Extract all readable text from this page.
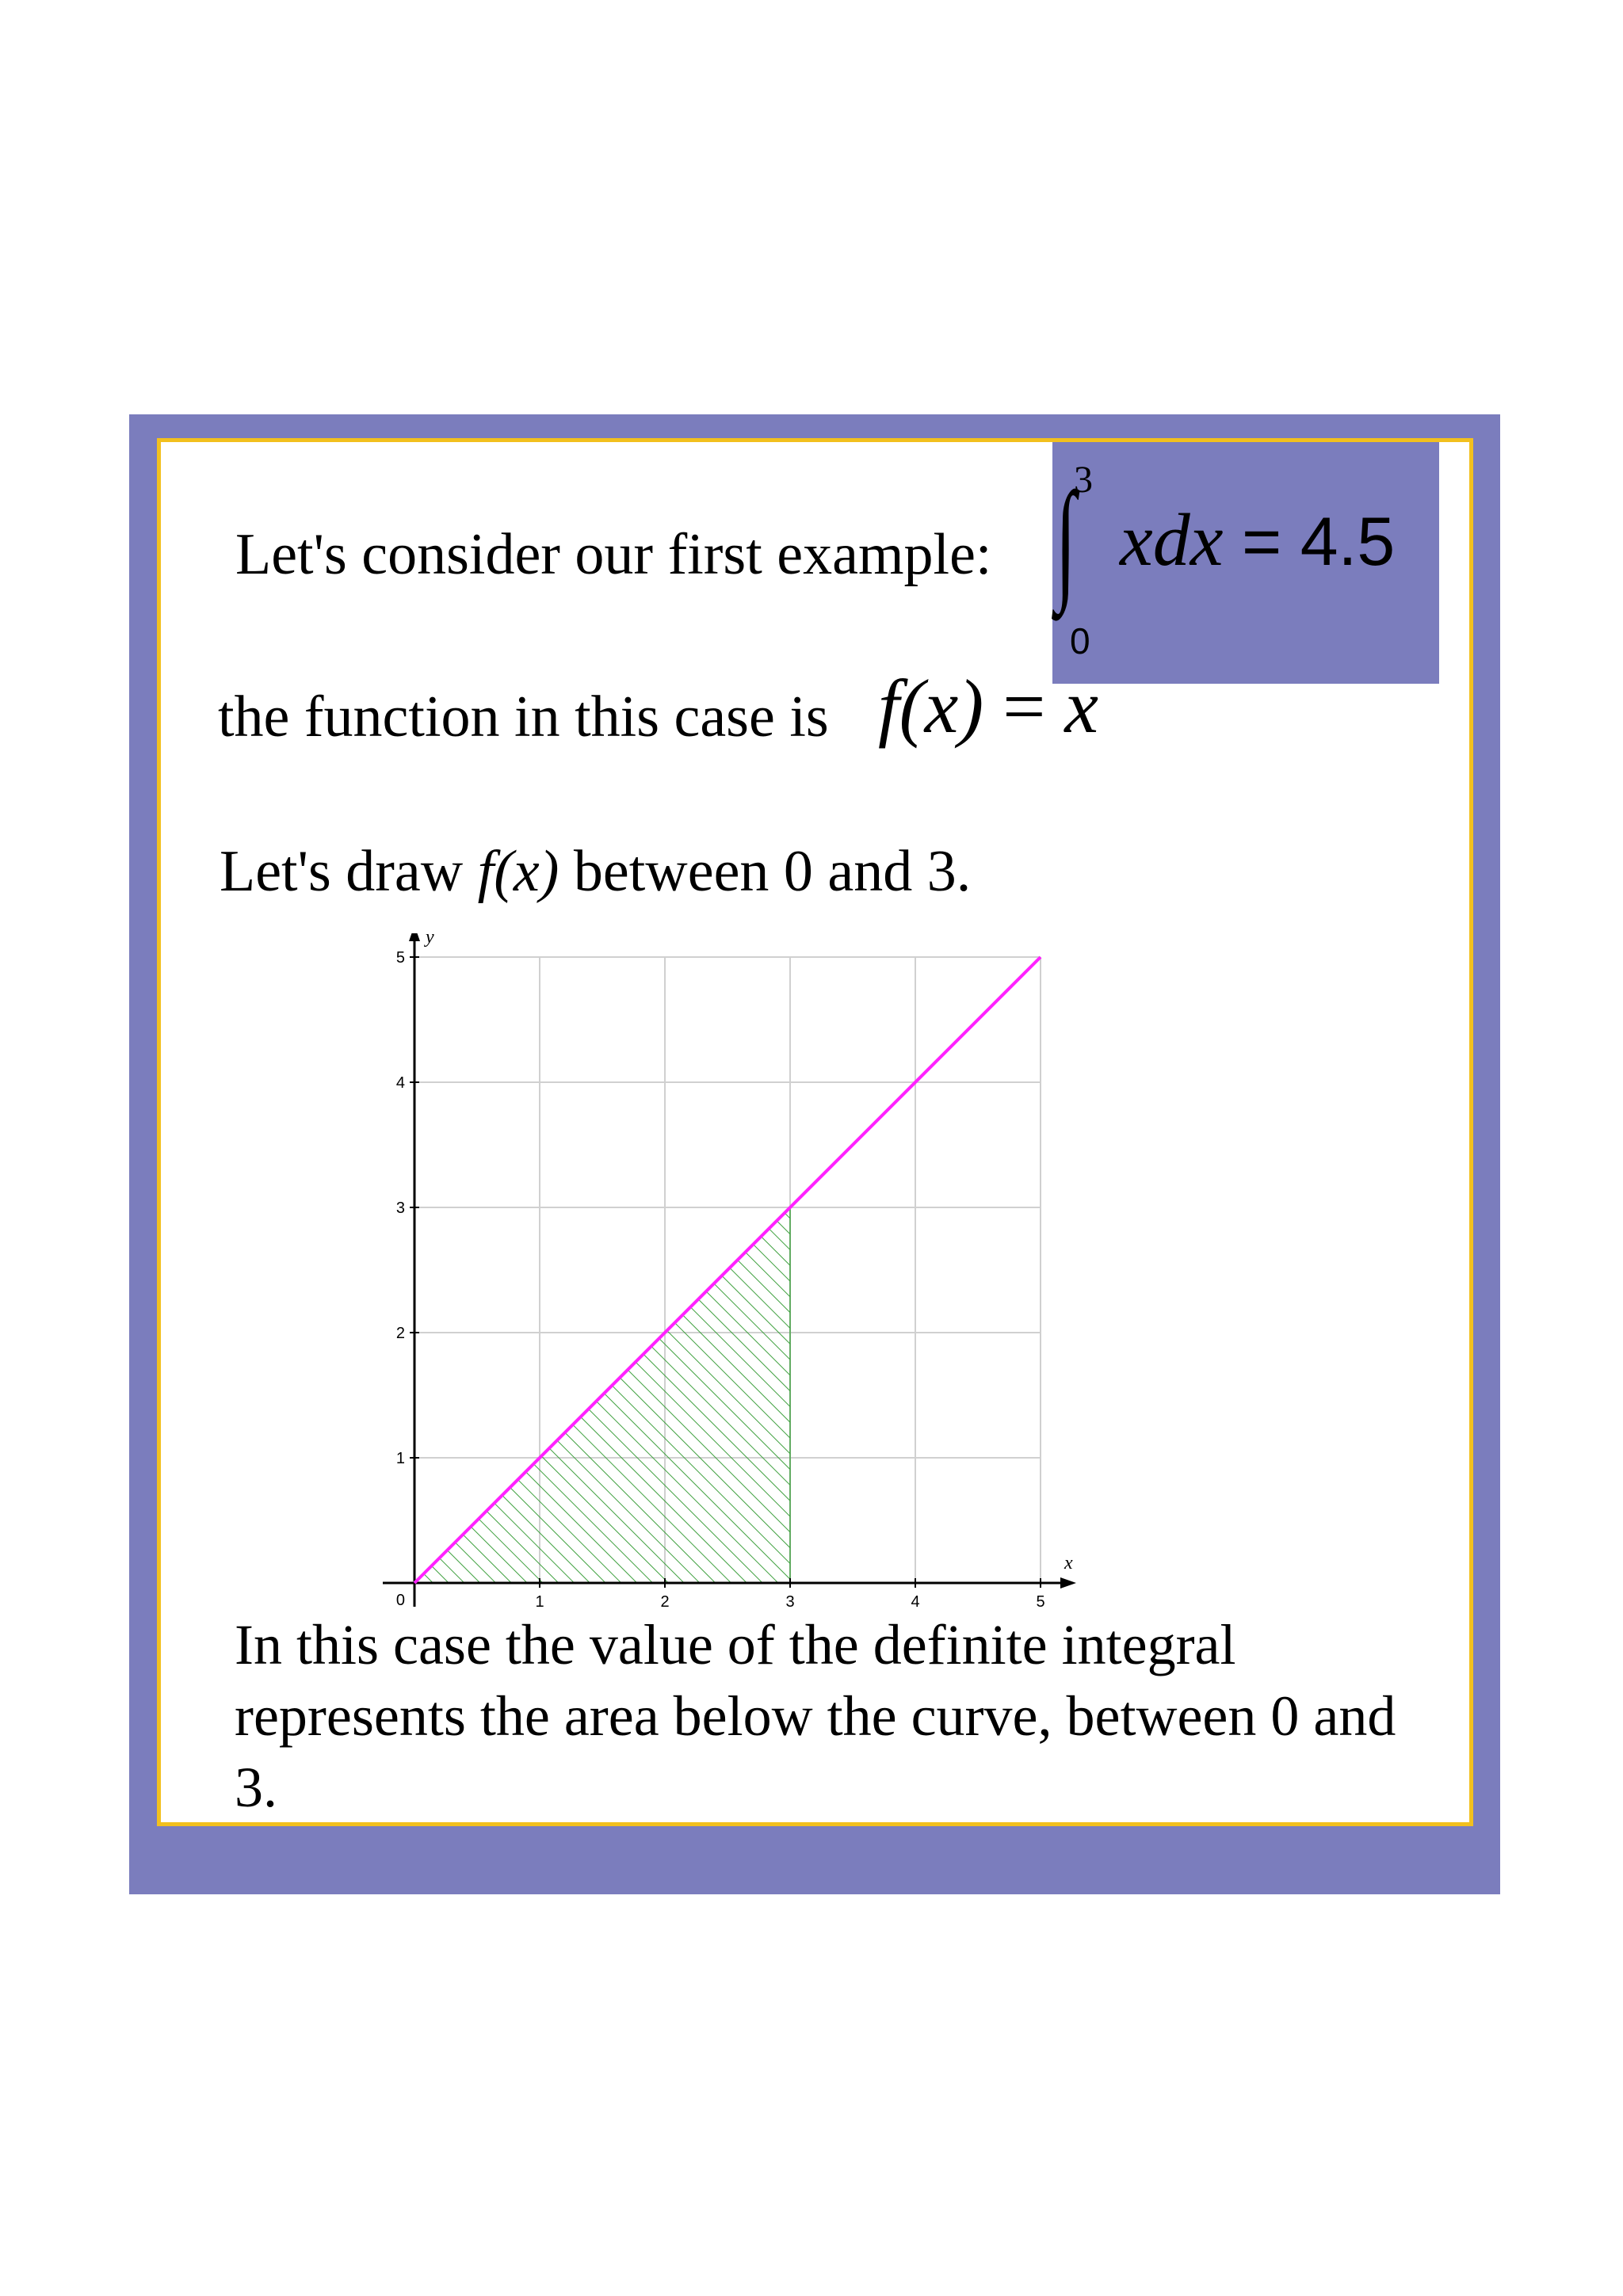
Let's consider our first example:
3
∫
0
xdx = 4.5
the function in this case is f(x) = x
Let's draw f(x) between 0 and 3.
1	2	3	4	5
1
2
3
4
5
0
x
y
In this case the value of the definite integral represents the area below the curve, between 0 and 3.
